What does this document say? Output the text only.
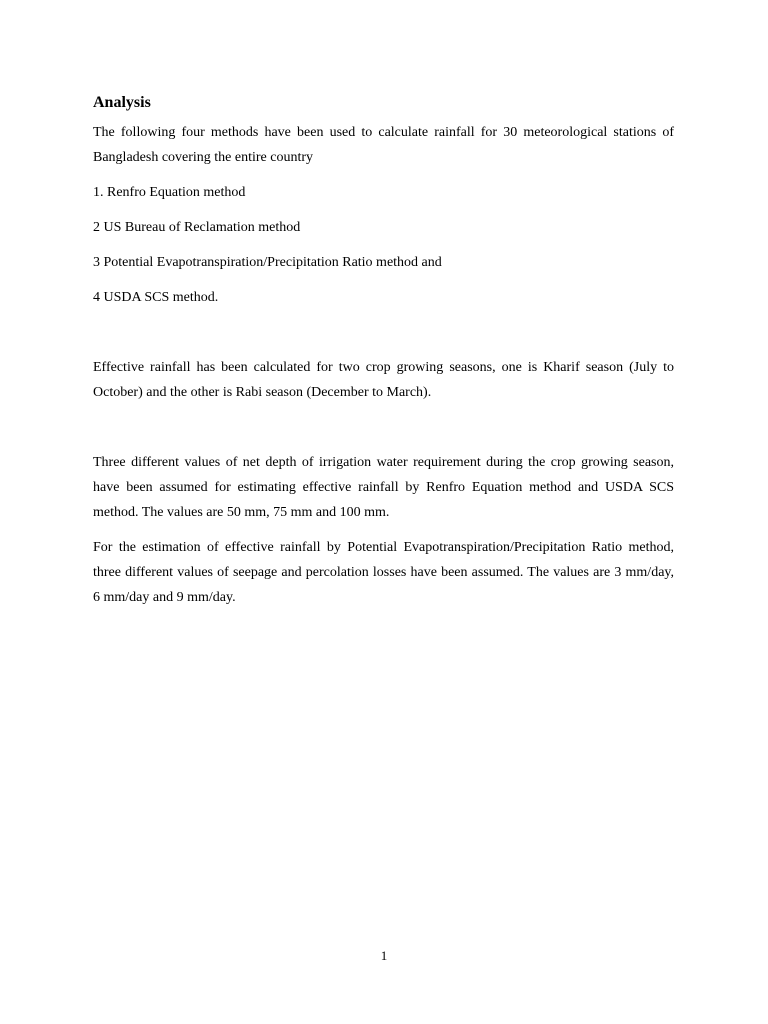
Analysis

The following four methods have been used to calculate rainfall for 30 meteorological stations of Bangladesh covering the entire country

1. Renfro Equation method

2 US Bureau of Reclamation method

3 Potential Evapotranspiration/Precipitation Ratio method and

4 USDA SCS method.

Effective rainfall has been calculated for two crop growing seasons, one is Kharif season (July to October) and the other is Rabi season (December to March).

Three different values of net depth of irrigation water requirement during the crop growing season, have been assumed for estimating effective rainfall by Renfro Equation method and USDA SCS method. The values are 50 mm, 75 mm and 100 mm.

For the estimation of effective rainfall by Potential Evapotranspiration/Precipitation Ratio method, three different values of seepage and percolation losses have been assumed. The values are 3 mm/day, 6 mm/day and 9 mm/day.

1
